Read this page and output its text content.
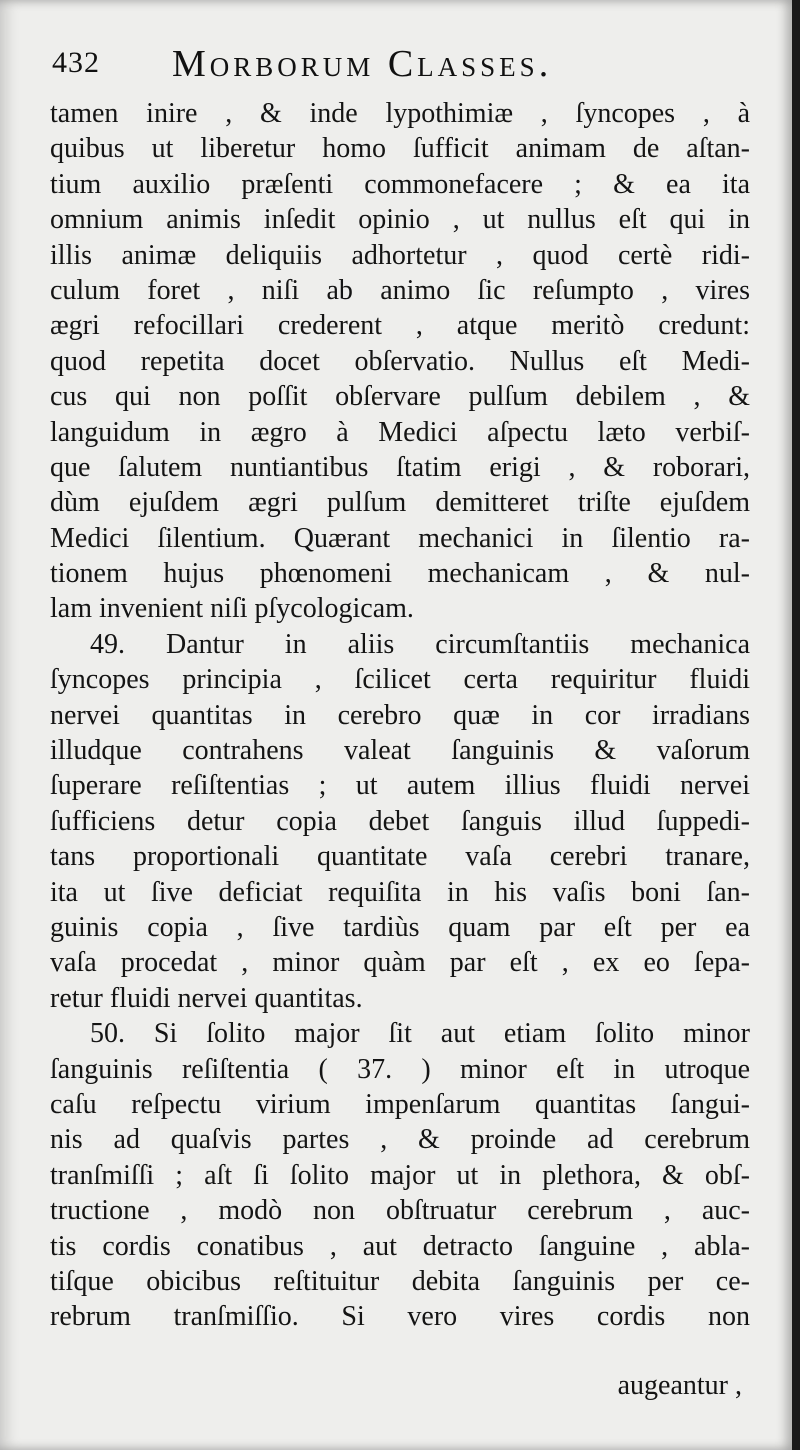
432 Morborum Classes.
tamen inire , & inde lypothimiæ , ſyncopes , à
quibus ut liberetur homo ſufficit animam de aſtan-
tium auxilio præſenti commonefacere ; & ea ita
omnium animis inſedit opinio , ut nullus eſt qui in
illis animæ deliquiis adhortetur , quod certè ridi-
culum foret , niſi ab animo ſic reſumpto , vires
ægri refocillari crederent , atque meritò credunt:
quod repetita docet obſervatio. Nullus eſt Medi-
cus qui non poſſit obſervare pulſum debilem , &
languidum in ægro à Medici aſpectu læto verbiſ-
que ſalutem nuntiantibus ſtatim erigi , & roborari,
dùm ejuſdem ægri pulſum demitteret triſte ejuſdem
Medici ſilentium. Quærant mechanici in ſilentio ra-
tionem hujus phœnomeni mechanicam , & nul-
lam invenient niſi pſycologicam.
49. Dantur in aliis circumſtantiis mechanica
ſyncopes principia , ſcilicet certa requiritur fluidi
nervei quantitas in cerebro quæ in cor irradians
illudque contrahens valeat ſanguinis & vaſorum
ſuperare reſiſtentias ; ut autem illius fluidi nervei
ſufficiens detur copia debet ſanguis illud ſuppedi-
tans proportionali quantitate vaſa cerebri tranare,
ita ut ſive deficiat requiſita in his vaſis boni ſan-
guinis copia , ſive tardiùs quam par eſt per ea
vaſa procedat , minor quàm par eſt , ex eo ſepa-
retur fluidi nervei quantitas.
50. Si ſolito major ſit aut etiam ſolito minor
ſanguinis reſiſtentia ( 37. ) minor eſt in utroque
caſu reſpectu virium impenſarum quantitas ſangui-
nis ad quaſvis partes , & proinde ad cerebrum
tranſmiſſi ; aſt ſi ſolito major ut in plethora, & obſ-
tructione , modò non obſtruatur cerebrum , auc-
tis cordis conatibus , aut detracto ſanguine , abla-
tiſque obicibus reſtituitur debita ſanguinis per ce-
rebrum tranſmiſſio. Si vero vires cordis non
augeantur ,
